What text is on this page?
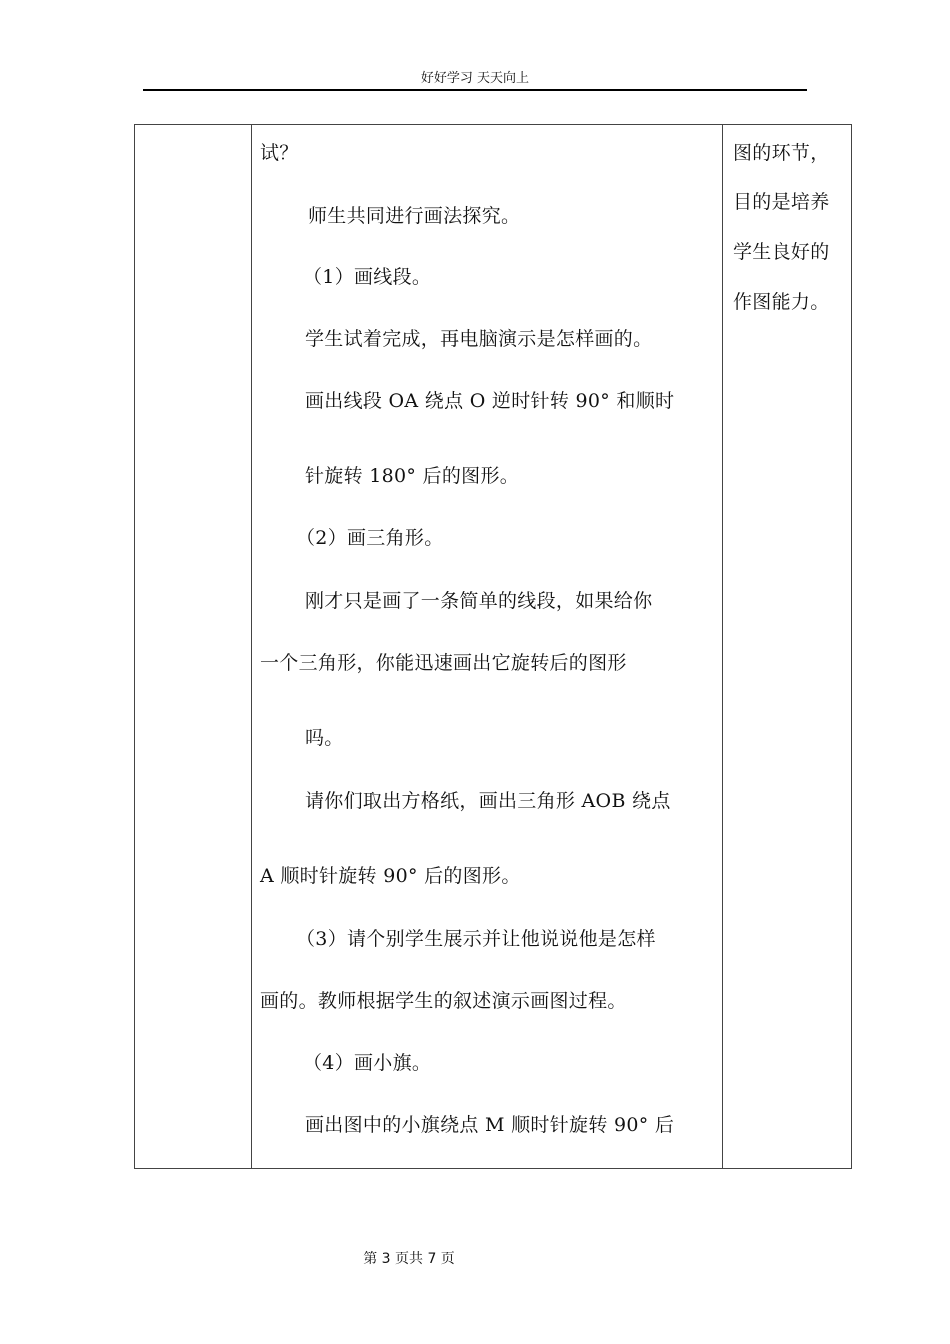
好好学习 天天向上
试？
师生共同进行画法探究。
（1）画线段。
学生试着完成，再电脑演示是怎样画的。
画出线段 OA 绕点 O 逆时针转 90° 和顺时
针旋转 180° 后的图形。
（2）画三角形。
刚才只是画了一条简单的线段，如果给你
一个三角形，你能迅速画出它旋转后的图形
吗。
请你们取出方格纸，画出三角形 AOB 绕点
A 顺时针旋转 90° 后的图形。
（3）请个别学生展示并让他说说他是怎样
画的。教师根据学生的叙述演示画图过程。
（4）画小旗。
画出图中的小旗绕点 M 顺时针旋转 90° 后
图的环节，
目的是培养
学生良好的
作图能力。
第 3 页共 7 页
